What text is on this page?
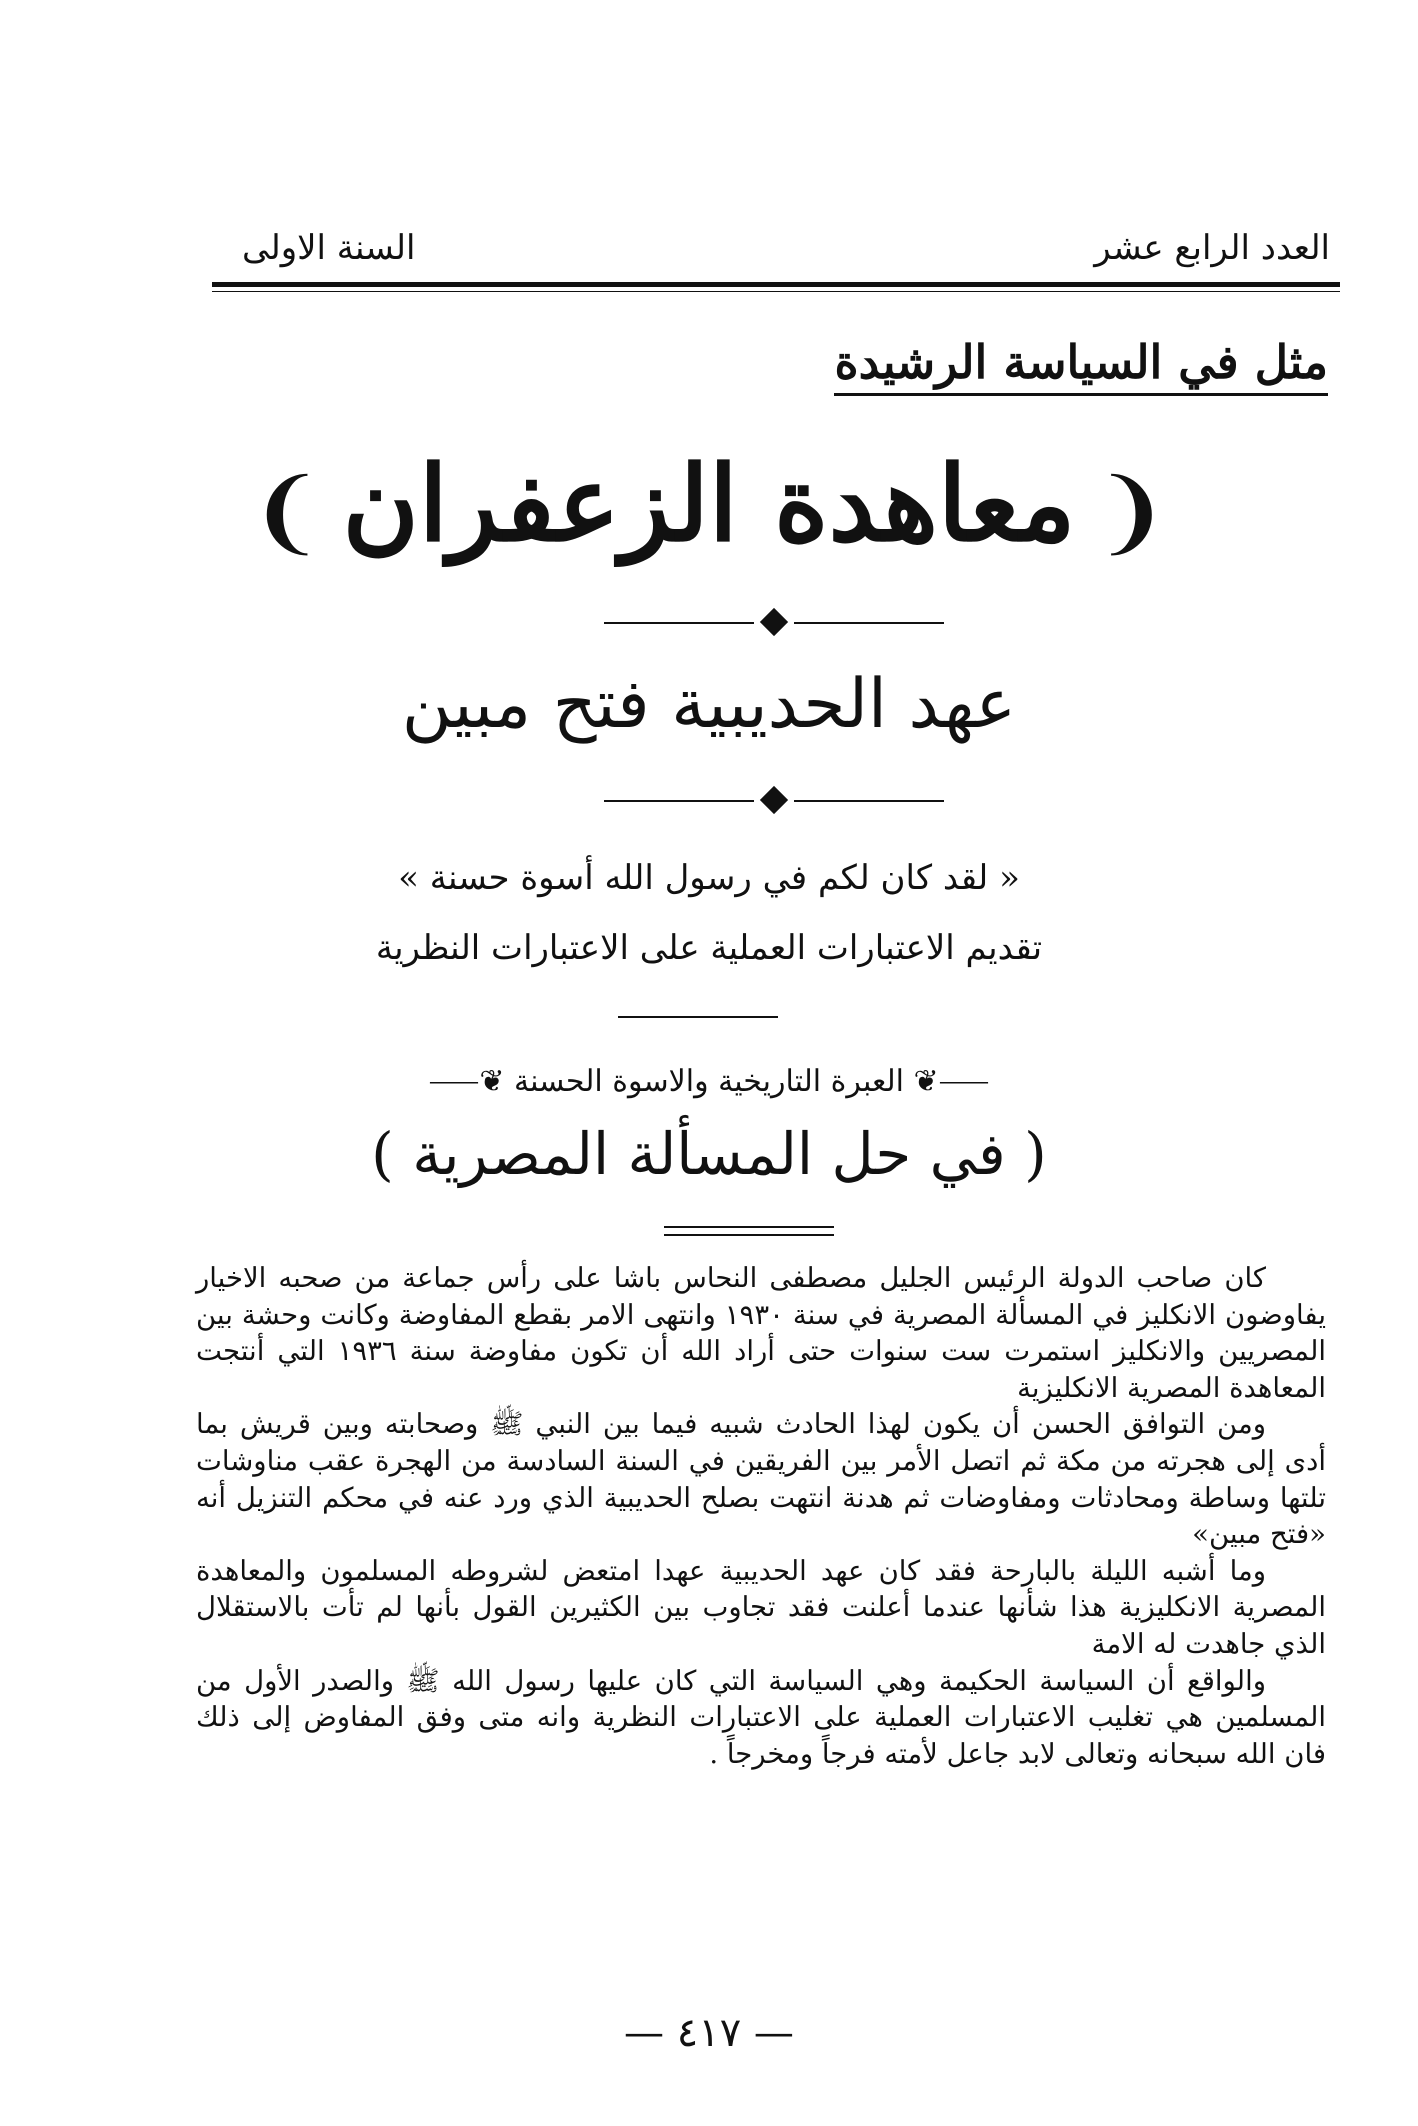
العدد الرابع عشر
السنة الاولى
مثل في السياسة الرشيدة
❨معاهدة الزعفران❩
عهد الحديبية فتح مبين
« لقد كان لكم في رسول الله أسوة حسنة »
تقديم الاعتبارات العملية على الاعتبارات النظرية
⸺❦ العبرة التاريخية والاسوة الحسنة ❦⸺
( في حل المسألة المصرية )

كان صاحب الدولة الرئيس الجليل مصطفى النحاس باشا على رأس جماعة من صحبه الاخيار يفاوضون الانكليز في المسألة المصرية في سنة ١٩٣٠ وانتهى الامر بقطع المفاوضة وكانت وحشة بين المصريين والانكليز استمرت ست سنوات حتى أراد الله أن تكون مفاوضة سنة ١٩٣٦ التي أنتجت المعاهدة المصرية الانكليزية

ومن التوافق الحسن أن يكون لهذا الحادث شبيه فيما بين النبي ﷺ وصحابته وبين قريش بما أدى إلى هجرته من مكة ثم اتصل الأمر بين الفريقين في السنة السادسة من الهجرة عقب مناوشات تلتها وساطة ومحادثات ومفاوضات ثم هدنة انتهت بصلح الحديبية الذي ورد عنه في محكم التنزيل أنه «فتح مبين»

وما أشبه الليلة بالبارحة فقد كان عهد الحديبية عهدا امتعض لشروطه المسلمون والمعاهدة المصرية الانكليزية هذا شأنها عندما أعلنت فقد تجاوب بين الكثيرين القول بأنها لم تأت بالاستقلال الذي جاهدت له الامة

والواقع أن السياسة الحكيمة وهي السياسة التي كان عليها رسول الله ﷺ والصدر الأول من المسلمين هي تغليب الاعتبارات العملية على الاعتبارات النظرية وانه متى وفق المفاوض إلى ذلك فان الله سبحانه وتعالى لابد جاعل لأمته فرجاً ومخرجاً .

— ٤١٧ —
